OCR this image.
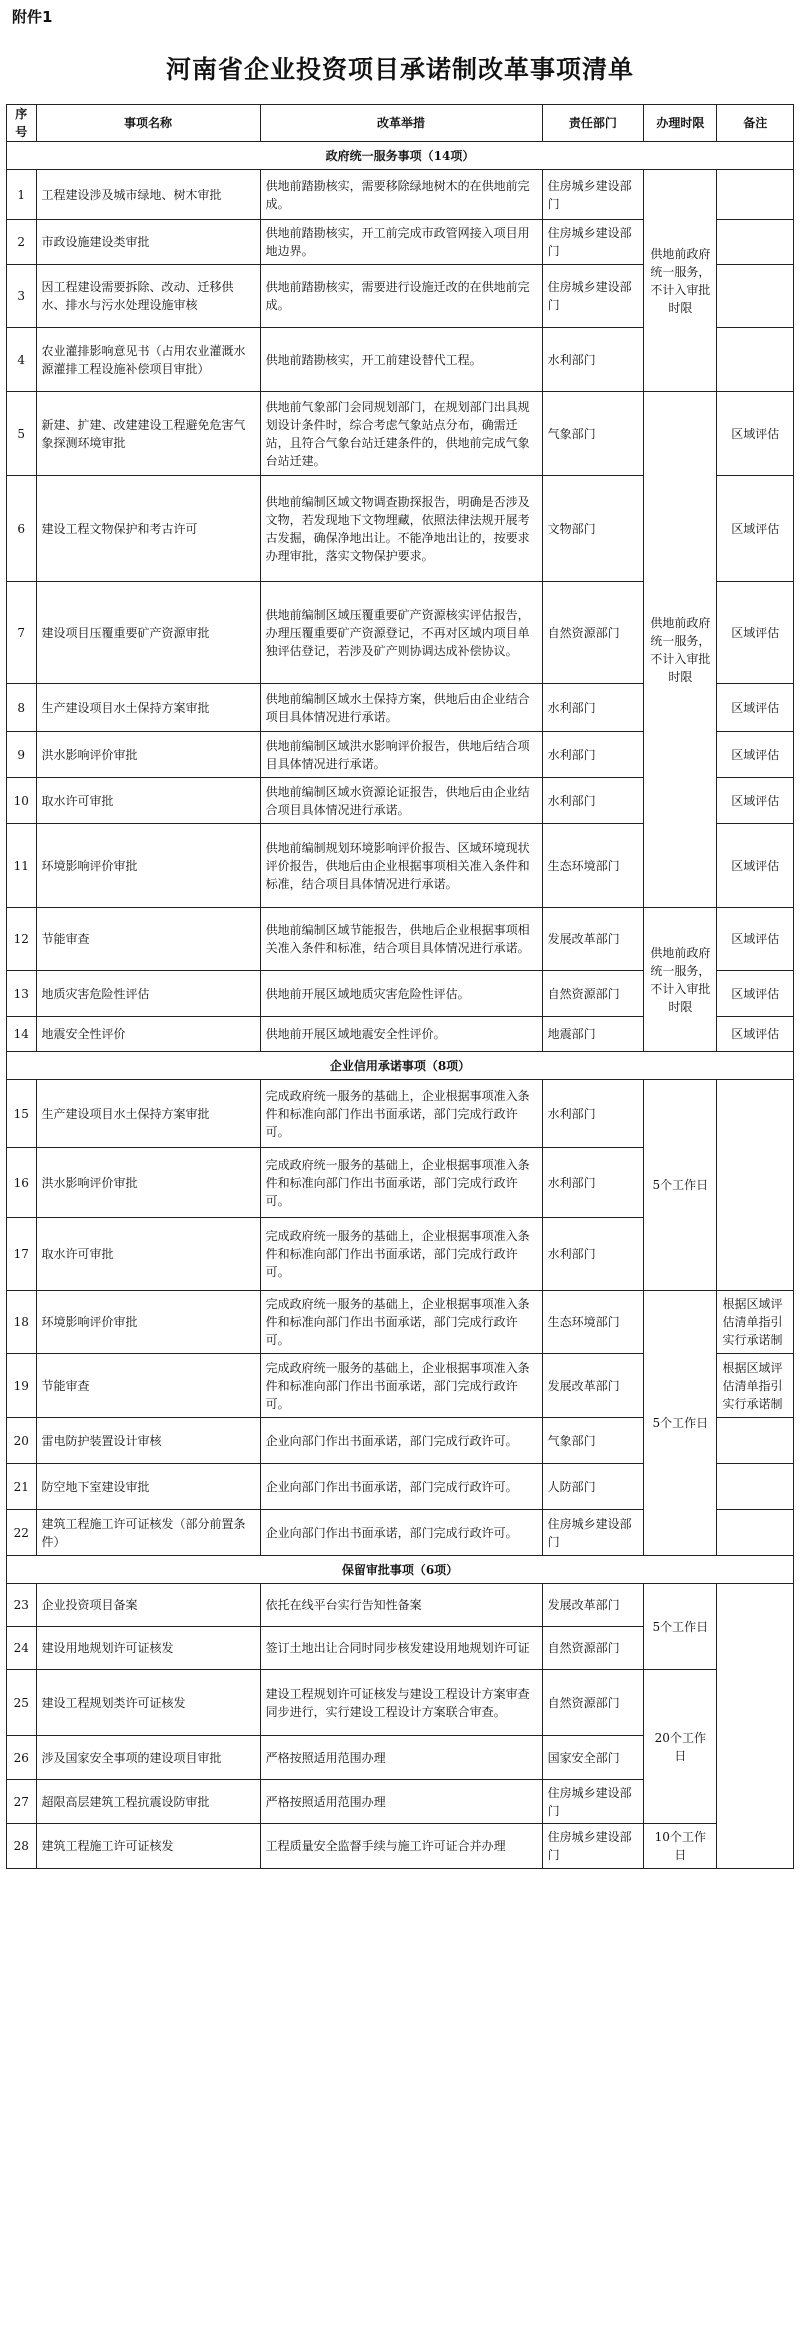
附件1
河南省企业投资项目承诺制改革事项清单
序号	事项名称	改革举措	责任部门	办理时限	备注
政府统一服务事项（14项）					
1	工程建设涉及城市绿地、树木审批	供地前踏勘核实，需要移除绿地树木的在供地前完成。	住房城乡建设部门	供地前政府统一服务，不计入审批时限	
2	市政设施建设类审批	供地前踏勘核实，开工前完成市政管网接入项目用地边界。	住房城乡建设部门		
3	因工程建设需要拆除、改动、迁移供水、排水与污水处理设施审核	供地前踏勘核实，需要进行设施迁改的在供地前完成。	住房城乡建设部门		
4	农业灌排影响意见书（占用农业灌溉水源灌排工程设施补偿项目审批）	供地前踏勘核实，开工前建设替代工程。	水利部门		
5	新建、扩建、改建建设工程避免危害气象探测环境审批	供地前气象部门会同规划部门，在规划部门出具规划设计条件时，综合考虑气象站点分布，确需迁站，且符合气象台站迁建条件的，供地前完成气象台站迁建。	气象部门	供地前政府统一服务，不计入审批时限	区域评估
6	建设工程文物保护和考古许可	供地前编制区域文物调查勘探报告，明确是否涉及文物，若发现地下文物埋藏，依照法律法规开展考古发掘，确保净地出让。不能净地出让的，按要求办理审批，落实文物保护要求。	文物部门		区域评估
7	建设项目压覆重要矿产资源审批	供地前编制区域压覆重要矿产资源核实评估报告，办理压覆重要矿产资源登记，不再对区域内项目单独评估登记，若涉及矿产则协调达成补偿协议。	自然资源部门		区域评估
8	生产建设项目水土保持方案审批	供地前编制区域水土保持方案，供地后由企业结合项目具体情况进行承诺。	水利部门		区域评估
9	洪水影响评价审批	供地前编制区域洪水影响评价报告，供地后结合项目具体情况进行承诺。	水利部门		区域评估
10	取水许可审批	供地前编制区域水资源论证报告，供地后由企业结合项目具体情况进行承诺。	水利部门		区域评估
11	环境影响评价审批	供地前编制规划环境影响评价报告、区域环境现状评价报告，供地后由企业根据事项相关准入条件和标准，结合项目具体情况进行承诺。	生态环境部门		区域评估
12	节能审查	供地前编制区域节能报告，供地后企业根据事项相关准入条件和标准，结合项目具体情况进行承诺。	发展改革部门	供地前政府统一服务，不计入审批时限	区域评估
13	地质灾害危险性评估	供地前开展区域地质灾害危险性评估。	自然资源部门		区域评估
14	地震安全性评价	供地前开展区域地震安全性评价。	地震部门		区域评估
企业信用承诺事项（8项）					
15	生产建设项目水土保持方案审批	完成政府统一服务的基础上，企业根据事项准入条件和标准向部门作出书面承诺，部门完成行政许可。	水利部门	5个工作日	
16	洪水影响评价审批	完成政府统一服务的基础上，企业根据事项准入条件和标准向部门作出书面承诺，部门完成行政许可。	水利部门		
17	取水许可审批	完成政府统一服务的基础上，企业根据事项准入条件和标准向部门作出书面承诺，部门完成行政许可。	水利部门		
18	环境影响评价审批	完成政府统一服务的基础上，企业根据事项准入条件和标准向部门作出书面承诺，部门完成行政许可。	生态环境部门	5个工作日	根据区域评估清单指引实行承诺制
19	节能审查	完成政府统一服务的基础上，企业根据事项准入条件和标准向部门作出书面承诺，部门完成行政许可。	发展改革部门		根据区域评估清单指引实行承诺制
20	雷电防护装置设计审核	企业向部门作出书面承诺，部门完成行政许可。	气象部门		
21	防空地下室建设审批	企业向部门作出书面承诺，部门完成行政许可。	人防部门		
22	建筑工程施工许可证核发（部分前置条件）	企业向部门作出书面承诺，部门完成行政许可。	住房城乡建设部门		
保留审批事项（6项）					
23	企业投资项目备案	依托在线平台实行告知性备案	发展改革部门	5个工作日	
24	建设用地规划许可证核发	签订土地出让合同时同步核发建设用地规划许可证	自然资源部门		
25	建设工程规划类许可证核发	建设工程规划许可证核发与建设工程设计方案审查同步进行，实行建设工程设计方案联合审查。	自然资源部门	20个工作日	
26	涉及国家安全事项的建设项目审批	严格按照适用范围办理	国家安全部门		
27	超限高层建筑工程抗震设防审批	严格按照适用范围办理	住房城乡建设部门		
28	建筑工程施工许可证核发	工程质量安全监督手续与施工许可证合并办理	住房城乡建设部门	10个工作日	
